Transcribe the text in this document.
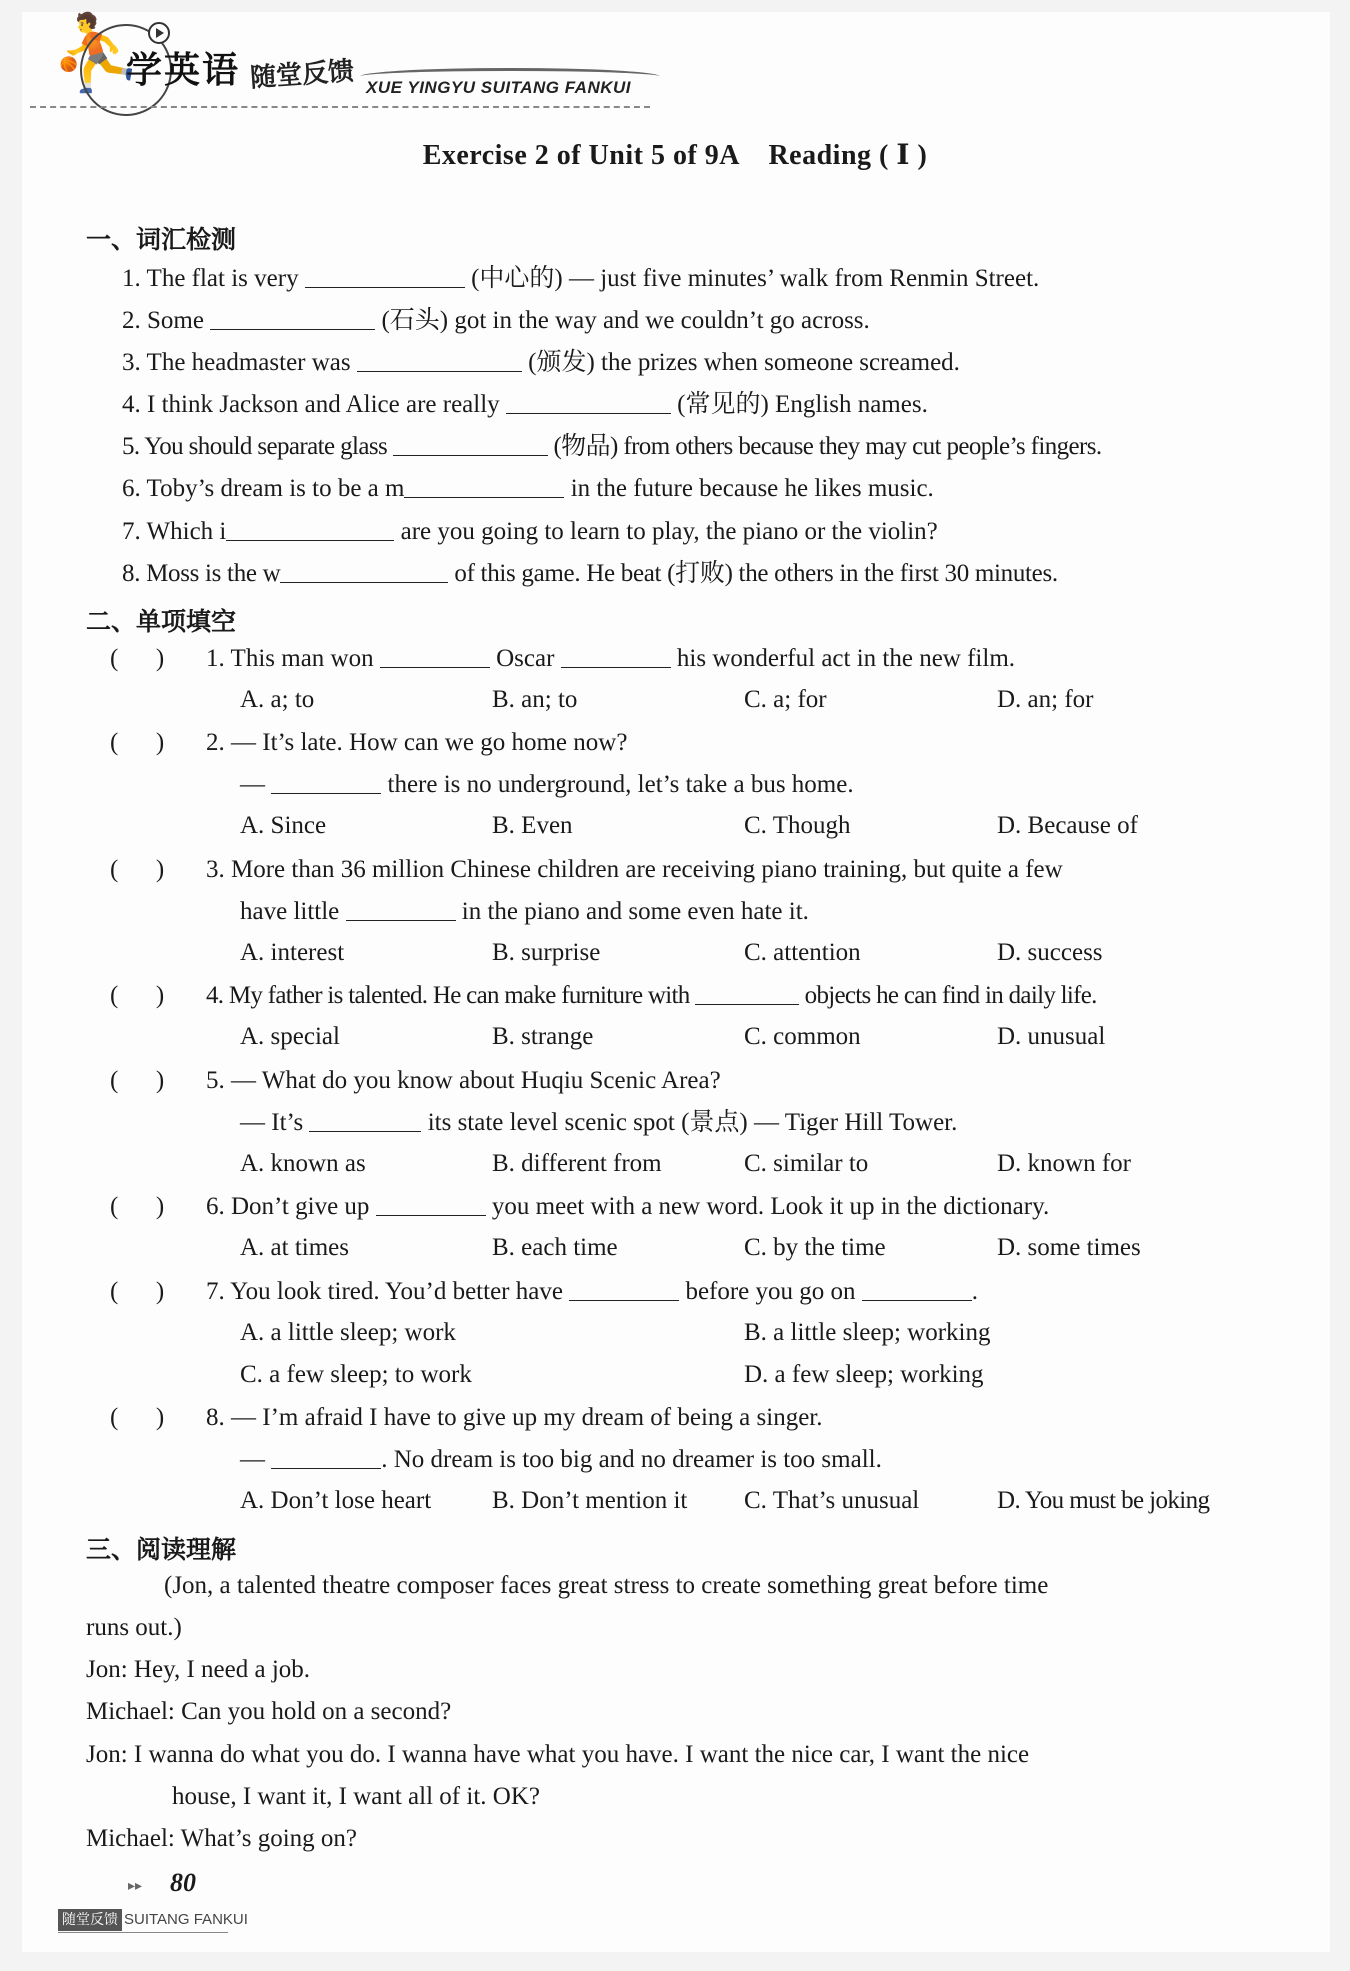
⛹
学英语 随堂反馈 XUE YINGYU SUITANG FANKUI
Exercise 2 of Unit 5 of 9A    Reading ( Ⅰ )
一、词汇检测
1. The flat is very	(中心的) — just five minutes’ walk from Renmin Street.
2. Some	(石头) got in the way and we couldn’t go across.
3. The headmaster was	(颁发) the prizes when someone screamed.
4. I think Jackson and Alice are really	(常见的) English names.
5. You should separate glass	(物品) from others because they may cut people’s fingers.
6. Toby’s dream is to be a m	in the future because he likes music.
7. Which i	are you going to learn to play, the piano or the violin?
8. Moss is the w	of this game. He beat (打败) the others in the first 30 minutes.
二、单项填空
(      ) 1. This man won	Oscar	his wonderful act in the new film.
A. a; to	B. an; to	C. a; for	D. an; for
(      ) 2. — It’s late. How can we go home now?
—	there is no underground, let’s take a bus home.
A. Since	B. Even	C. Though	D. Because of
(      ) 3. More than 36 million Chinese children are receiving piano training, but quite a few
have little	in the piano and some even hate it.
A. interest	B. surprise	C. attention	D. success
(      ) 4. My father is talented. He can make furniture with	objects he can find in daily life.
A. special	B. strange	C. common	D. unusual
(      ) 5. — What do you know about Huqiu Scenic Area?
— It’s	its state level scenic spot (景点) — Tiger Hill Tower.
A. known as	B. different from	C. similar to	D. known for
(      ) 6. Don’t give up	you meet with a new word. Look it up in the dictionary.
A. at times	B. each time	C. by the time	D. some times
(      ) 7. You look tired. You’d better have	before you go on	.
A. a little sleep; work	B. a little sleep; working
C. a few sleep; to work	D. a few sleep; working
(      ) 8. — I’m afraid I have to give up my dream of being a singer.
—	. No dream is too big and no dreamer is too small.
A. Don’t lose heart B. Don’t mention it C. That’s unusual	D. You must be joking
三、阅读理解
(Jon, a talented theatre composer faces great stress to create something great before time
runs out.)
Jon: Hey, I need a job.
Michael: Can you hold on a second?
Jon: I wanna do what you do. I wanna have what you have. I want the nice car, I want the nice
house, I want it, I want all of it. OK?
Michael: What’s going on?
▸▸ 80
随堂反馈 SUITANG FANKUI
